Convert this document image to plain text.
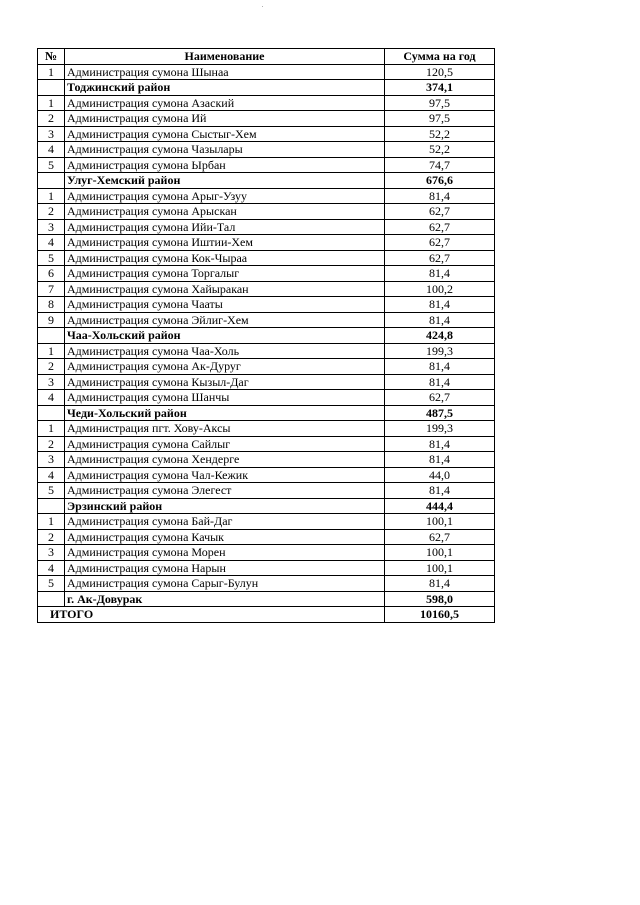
№	Наименование	Сумма на год
1	Администрация сумона Шынаа	120,5
	Тоджинский район	374,1
1	Администрация сумона Азаский	97,5
2	Администрация сумона Ий	97,5
3	Администрация сумона Сыстыг-Хем	52,2
4	Администрация сумона Чазылары	52,2
5	Администрация сумона Ырбан	74,7
	Улуг-Хемский район	676,6
1	Администрация сумона Арыг-Узуу	81,4
2	Администрация сумона Арыскан	62,7
3	Администрация сумона Ийи-Тал	62,7
4	Администрация сумона Иштии-Хем	62,7
5	Администрация сумона Кок-Чыраа	62,7
6	Администрация сумона Торгалыг	81,4
7	Администрация сумона Хайыракан	100,2
8	Администрация сумона Чааты	81,4
9	Администрация сумона Эйлиг-Хем	81,4
	Чаа-Хольский район	424,8
1	Администрация сумона Чаа-Холь	199,3
2	Администрация сумона Ак-Дуруг	81,4
3	Администрация сумона Кызыл-Даг	81,4
4	Администрация сумона Шанчы	62,7
	Чеди-Хольский район	487,5
1	Администрация пгт. Хову-Аксы	199,3
2	Администрация сумона Сайлыг	81,4
3	Администрация сумона Хендерге	81,4
4	Администрация сумона Чал-Кежик	44,0
5	Администрация сумона Элегест	81,4
	Эрзинский район	444,4
1	Администрация сумона Бай-Даг	100,1
2	Администрация сумона Качык	62,7
3	Администрация сумона Морен	100,1
4	Администрация сумона Нарын	100,1
5	Администрация сумона Сарыг-Булун	81,4
	г. Ак-Довурак	598,0
ИТОГО		10160,5
